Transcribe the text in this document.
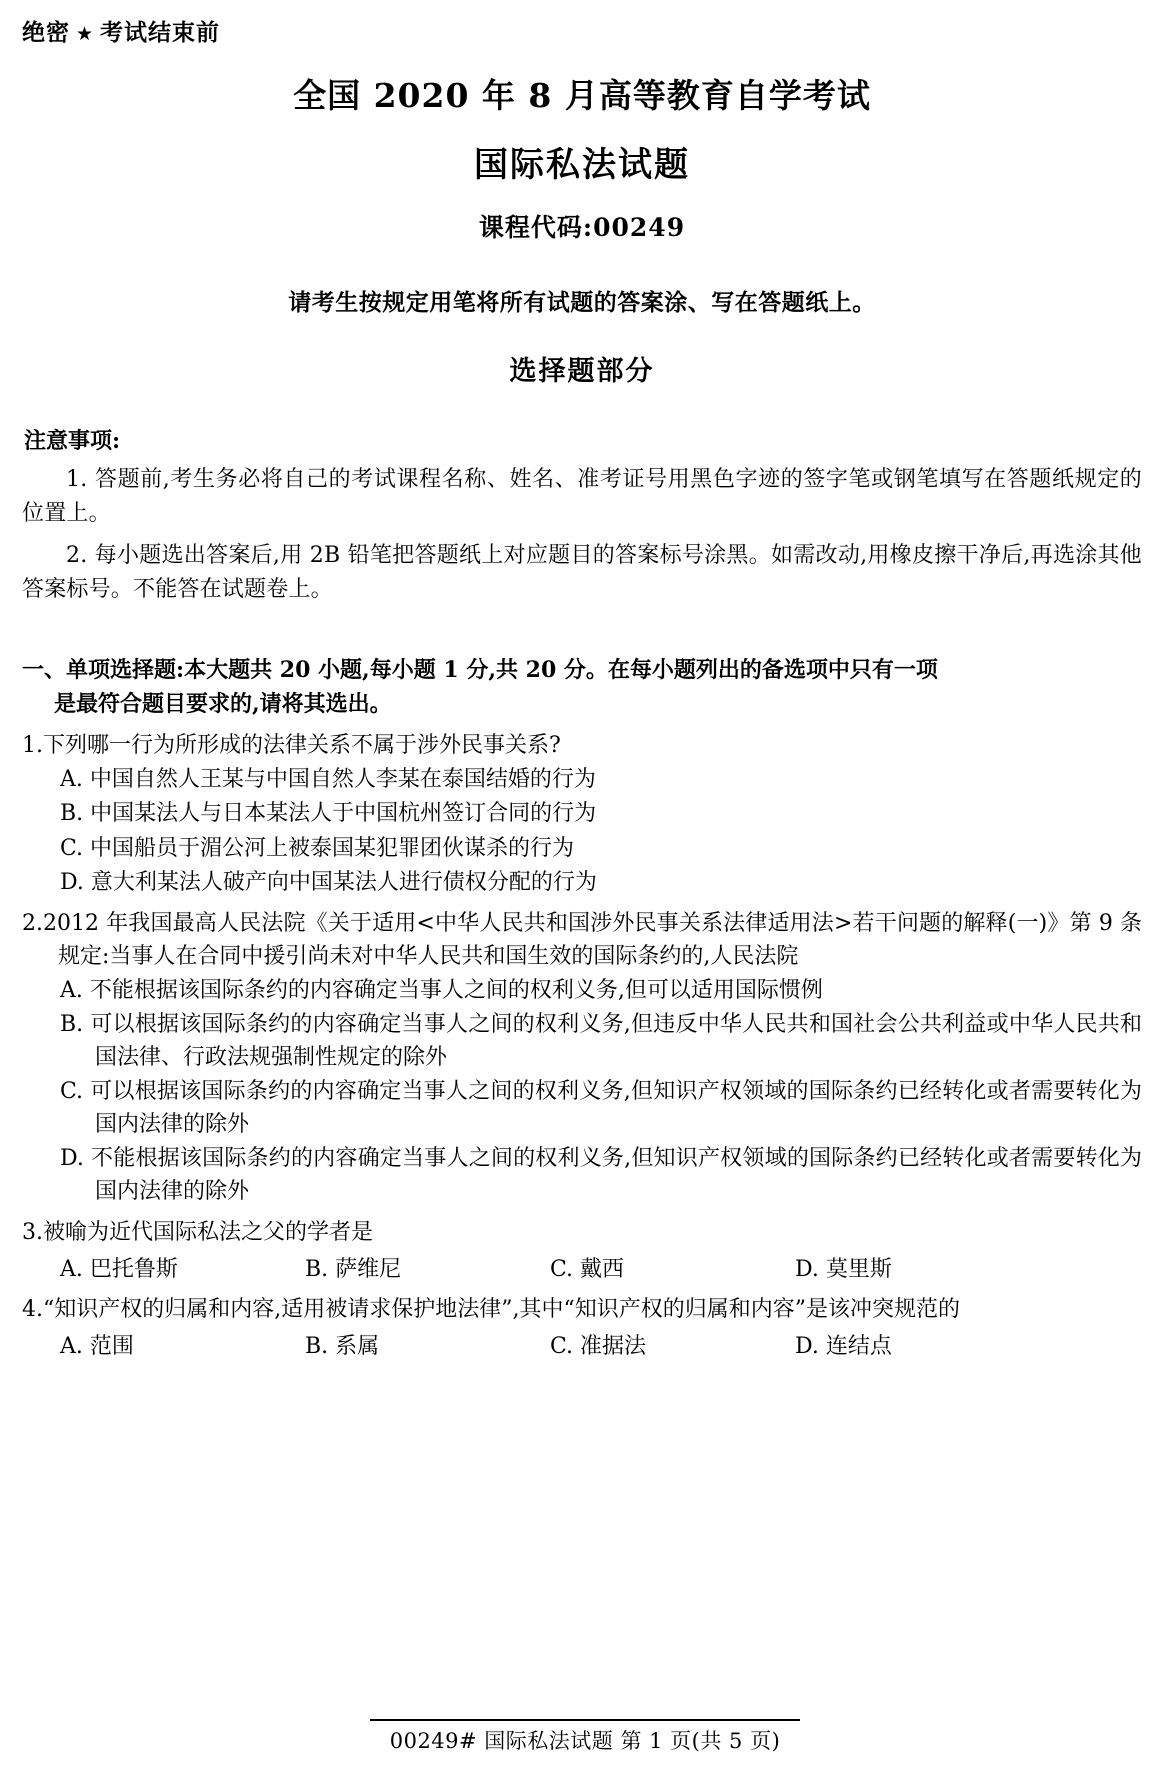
绝密 ★ 考试结束前
全国 2020 年 8 月高等教育自学考试
国际私法试题
课程代码:00249
请考生按规定用笔将所有试题的答案涂、写在答题纸上。
选择题部分
注意事项:
1. 答题前,考生务必将自己的考试课程名称、姓名、准考证号用黑色字迹的签字笔或钢笔填写在答题纸规定的位置上。
2. 每小题选出答案后,用 2B 铅笔把答题纸上对应题目的答案标号涂黑。如需改动,用橡皮擦干净后,再选涂其他答案标号。不能答在试题卷上。
一、单项选择题:本大题共 20 小题,每小题 1 分,共 20 分。在每小题列出的备选项中只有一项
是最符合题目要求的,请将其选出。
1.下列哪一行为所形成的法律关系不属于涉外民事关系?
A. 中国自然人王某与中国自然人李某在泰国结婚的行为
B. 中国某法人与日本某法人于中国杭州签订合同的行为
C. 中国船员于湄公河上被泰国某犯罪团伙谋杀的行为
D. 意大利某法人破产向中国某法人进行债权分配的行为
2.2012 年我国最高人民法院《关于适用<中华人民共和国涉外民事关系法律适用法>若干问题的解释(一)》第 9 条规定:当事人在合同中援引尚未对中华人民共和国生效的国际条约的,人民法院
A. 不能根据该国际条约的内容确定当事人之间的权利义务,但可以适用国际惯例
B. 可以根据该国际条约的内容确定当事人之间的权利义务,但违反中华人民共和国社会公共利益或中华人民共和国法律、行政法规强制性规定的除外
C. 可以根据该国际条约的内容确定当事人之间的权利义务,但知识产权领域的国际条约已经转化或者需要转化为国内法律的除外
D. 不能根据该国际条约的内容确定当事人之间的权利义务,但知识产权领域的国际条约已经转化或者需要转化为国内法律的除外
3.被喻为近代国际私法之父的学者是
A. 巴托鲁斯	B. 萨维尼	C. 戴西	D. 莫里斯
4.“知识产权的归属和内容,适用被请求保护地法律”,其中“知识产权的归属和内容”是该冲突规范的
A. 范围	B. 系属	C. 准据法	D. 连结点
00249# 国际私法试题 第 1 页(共 5 页)
